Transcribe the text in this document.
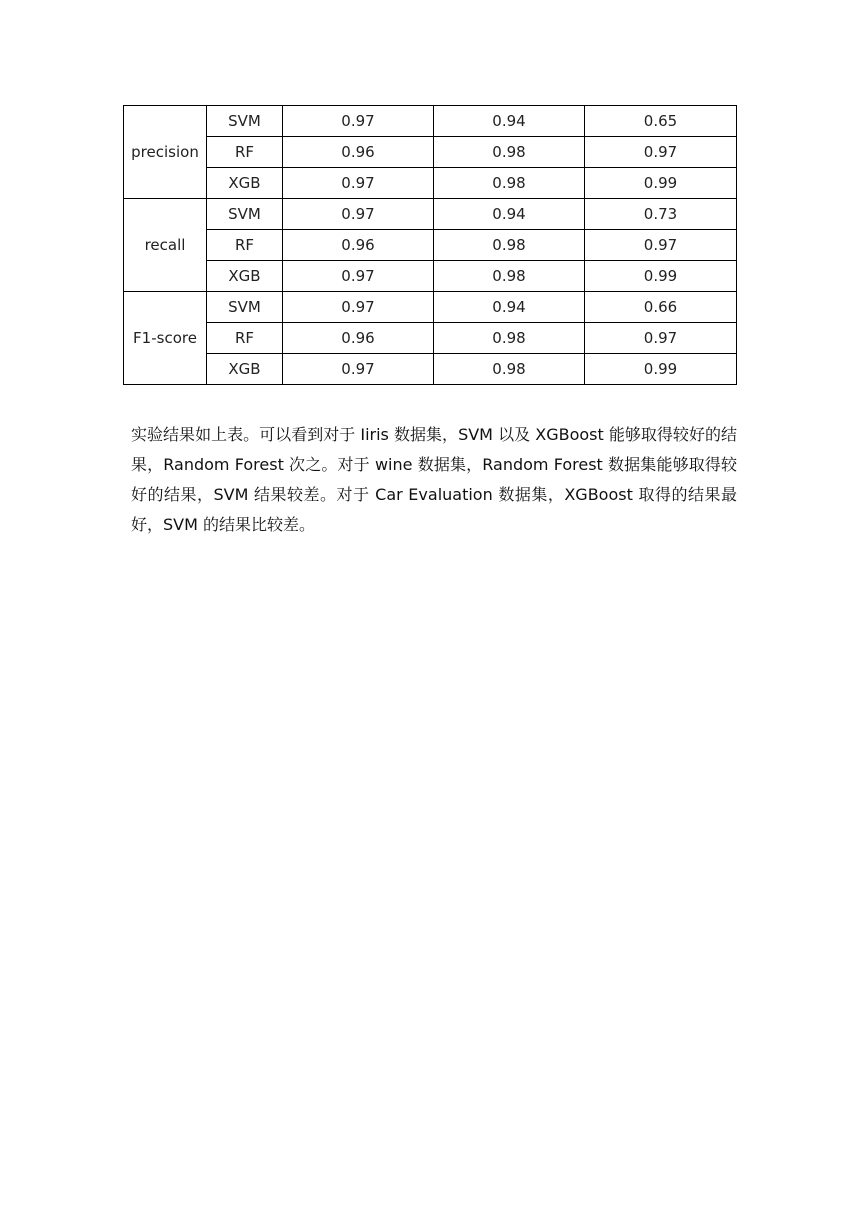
precision	SVM	0.97	0.94	0.65
	RF	0.96	0.98	0.97
	XGB	0.97	0.98	0.99
recall	SVM	0.97	0.94	0.73
	RF	0.96	0.98	0.97
	XGB	0.97	0.98	0.99
F1-score	SVM	0.97	0.94	0.66
	RF	0.96	0.98	0.97
	XGB	0.97	0.98	0.99

实验结果如上表。可以看到对于 Iiris 数据集，SVM 以及 XGBoost 能够取得较好的结果，Random Forest 次之。对于 wine 数据集，Random Forest 数据集能够取得较好的结果，SVM 结果较差。对于 Car Evaluation 数据集，XGBoost 取得的结果最好，SVM 的结果比较差。
